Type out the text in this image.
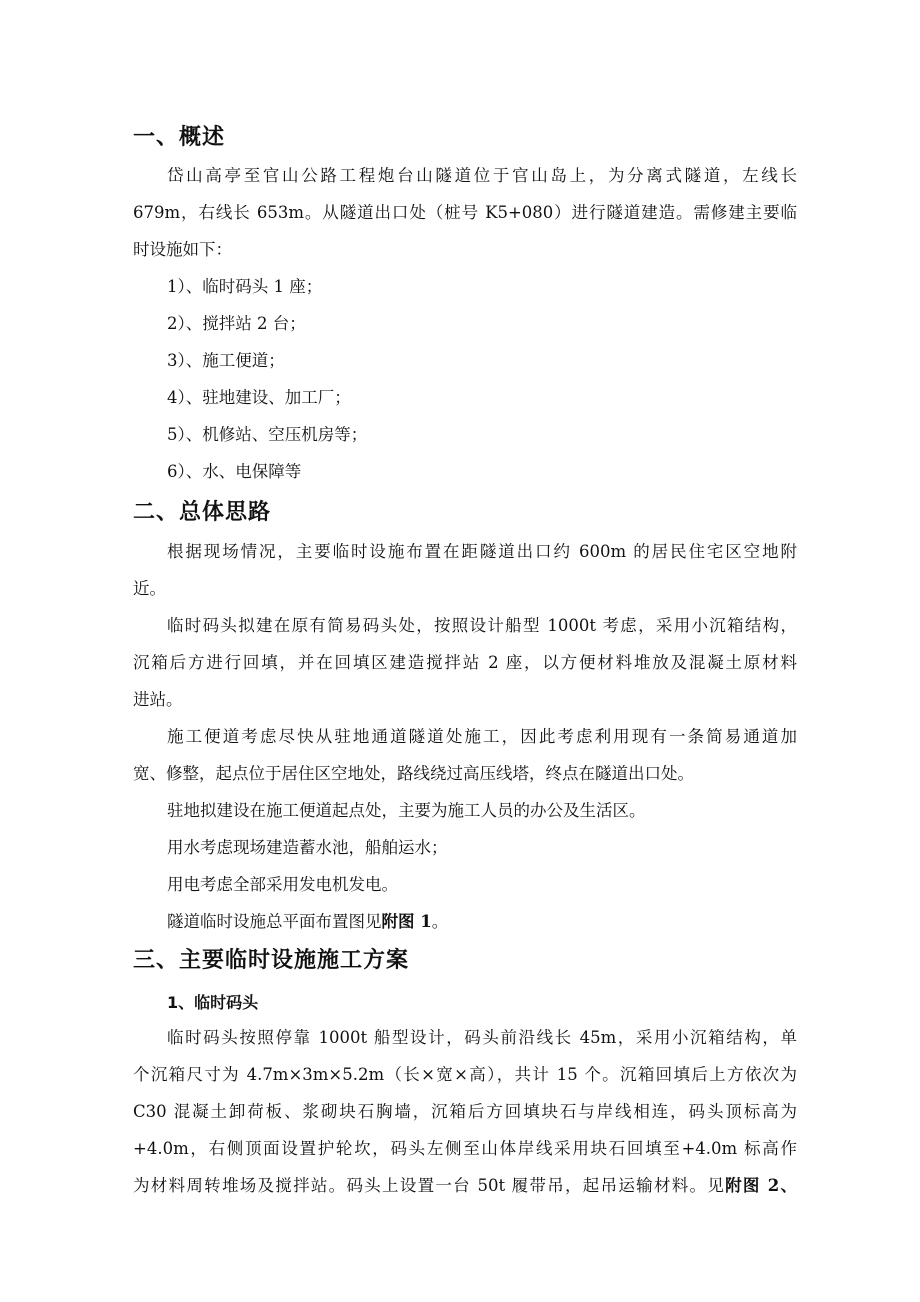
一、概述
岱山高亭至官山公路工程炮台山隧道位于官山岛上，为分离式隧道，左线长
679m，右线长 653m。从隧道出口处（桩号 K5+080）进行隧道建造。需修建主要临
时设施如下：
1）、临时码头 1 座；
2）、搅拌站 2 台；
3）、施工便道；
4）、驻地建设、加工厂；
5）、机修站、空压机房等；
6）、水、电保障等
二、总体思路
根据现场情况，主要临时设施布置在距隧道出口约 600m 的居民住宅区空地附
近。
临时码头拟建在原有简易码头处，按照设计船型 1000t 考虑，采用小沉箱结构，
沉箱后方进行回填，并在回填区建造搅拌站 2 座，以方便材料堆放及混凝土原材料
进站。
施工便道考虑尽快从驻地通道隧道处施工，因此考虑利用现有一条简易通道加
宽、修整，起点位于居住区空地处，路线绕过高压线塔，终点在隧道出口处。
驻地拟建设在施工便道起点处，主要为施工人员的办公及生活区。
用水考虑现场建造蓄水池，船舶运水；
用电考虑全部采用发电机发电。
隧道临时设施总平面布置图见附图 1。
三、主要临时设施施工方案
1、临时码头
临时码头按照停靠 1000t 船型设计，码头前沿线长 45m，采用小沉箱结构，单
个沉箱尺寸为 4.7m×3m×5.2m（长×宽×高），共计 15 个。沉箱回填后上方依次为
C30 混凝土卸荷板、浆砌块石胸墙，沉箱后方回填块石与岸线相连，码头顶标高为
+4.0m，右侧顶面设置护轮坎，码头左侧至山体岸线采用块石回填至+4.0m 标高作
为材料周转堆场及搅拌站。码头上设置一台 50t 履带吊，起吊运输材料。见附图 2、
